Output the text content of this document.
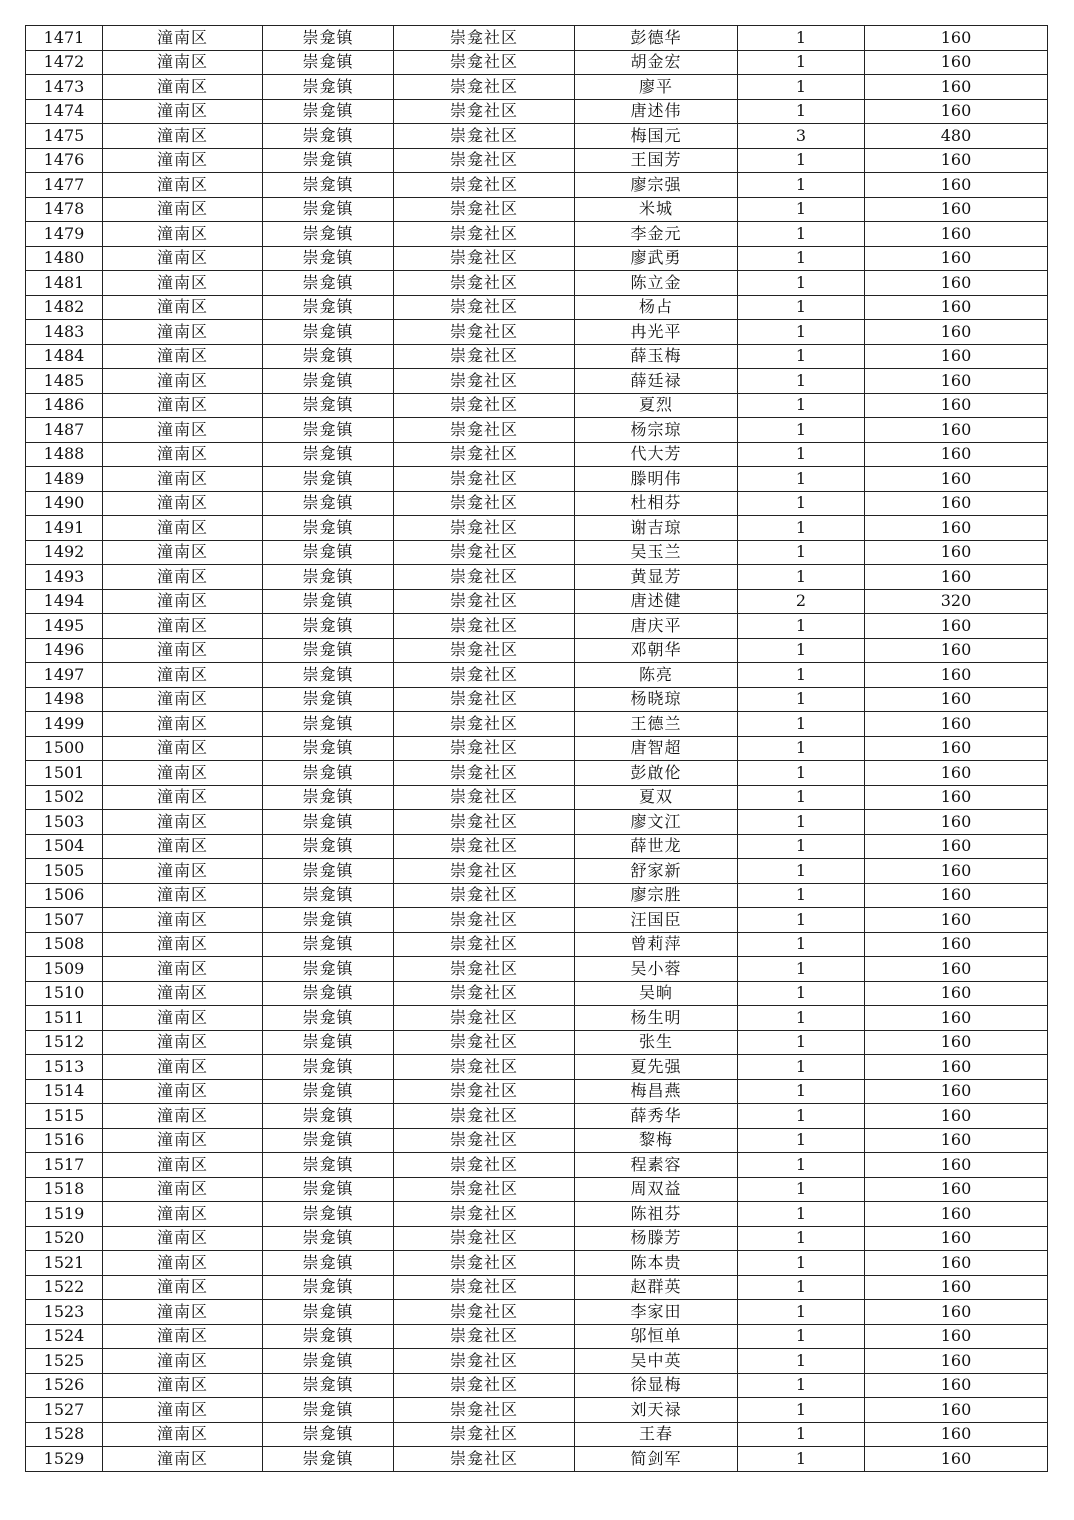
1471	潼南区	崇龛镇	崇龛社区	彭德华	1	160
1472	潼南区	崇龛镇	崇龛社区	胡金宏	1	160
1473	潼南区	崇龛镇	崇龛社区	廖平	1	160
1474	潼南区	崇龛镇	崇龛社区	唐述伟	1	160
1475	潼南区	崇龛镇	崇龛社区	梅国元	3	480
1476	潼南区	崇龛镇	崇龛社区	王国芳	1	160
1477	潼南区	崇龛镇	崇龛社区	廖宗强	1	160
1478	潼南区	崇龛镇	崇龛社区	米城	1	160
1479	潼南区	崇龛镇	崇龛社区	李金元	1	160
1480	潼南区	崇龛镇	崇龛社区	廖武勇	1	160
1481	潼南区	崇龛镇	崇龛社区	陈立金	1	160
1482	潼南区	崇龛镇	崇龛社区	杨占	1	160
1483	潼南区	崇龛镇	崇龛社区	冉光平	1	160
1484	潼南区	崇龛镇	崇龛社区	薛玉梅	1	160
1485	潼南区	崇龛镇	崇龛社区	薛廷禄	1	160
1486	潼南区	崇龛镇	崇龛社区	夏烈	1	160
1487	潼南区	崇龛镇	崇龛社区	杨宗琼	1	160
1488	潼南区	崇龛镇	崇龛社区	代大芳	1	160
1489	潼南区	崇龛镇	崇龛社区	滕明伟	1	160
1490	潼南区	崇龛镇	崇龛社区	杜相芬	1	160
1491	潼南区	崇龛镇	崇龛社区	谢吉琼	1	160
1492	潼南区	崇龛镇	崇龛社区	吴玉兰	1	160
1493	潼南区	崇龛镇	崇龛社区	黄显芳	1	160
1494	潼南区	崇龛镇	崇龛社区	唐述健	2	320
1495	潼南区	崇龛镇	崇龛社区	唐庆平	1	160
1496	潼南区	崇龛镇	崇龛社区	邓朝华	1	160
1497	潼南区	崇龛镇	崇龛社区	陈亮	1	160
1498	潼南区	崇龛镇	崇龛社区	杨晓琼	1	160
1499	潼南区	崇龛镇	崇龛社区	王德兰	1	160
1500	潼南区	崇龛镇	崇龛社区	唐智超	1	160
1501	潼南区	崇龛镇	崇龛社区	彭啟伦	1	160
1502	潼南区	崇龛镇	崇龛社区	夏双	1	160
1503	潼南区	崇龛镇	崇龛社区	廖文江	1	160
1504	潼南区	崇龛镇	崇龛社区	薛世龙	1	160
1505	潼南区	崇龛镇	崇龛社区	舒家新	1	160
1506	潼南区	崇龛镇	崇龛社区	廖宗胜	1	160
1507	潼南区	崇龛镇	崇龛社区	汪国臣	1	160
1508	潼南区	崇龛镇	崇龛社区	曾莉萍	1	160
1509	潼南区	崇龛镇	崇龛社区	吴小蓉	1	160
1510	潼南区	崇龛镇	崇龛社区	吴晌	1	160
1511	潼南区	崇龛镇	崇龛社区	杨生明	1	160
1512	潼南区	崇龛镇	崇龛社区	张生	1	160
1513	潼南区	崇龛镇	崇龛社区	夏先强	1	160
1514	潼南区	崇龛镇	崇龛社区	梅昌燕	1	160
1515	潼南区	崇龛镇	崇龛社区	薛秀华	1	160
1516	潼南区	崇龛镇	崇龛社区	黎梅	1	160
1517	潼南区	崇龛镇	崇龛社区	程素容	1	160
1518	潼南区	崇龛镇	崇龛社区	周双益	1	160
1519	潼南区	崇龛镇	崇龛社区	陈祖芬	1	160
1520	潼南区	崇龛镇	崇龛社区	杨滕芳	1	160
1521	潼南区	崇龛镇	崇龛社区	陈本贵	1	160
1522	潼南区	崇龛镇	崇龛社区	赵群英	1	160
1523	潼南区	崇龛镇	崇龛社区	李家田	1	160
1524	潼南区	崇龛镇	崇龛社区	邬恒单	1	160
1525	潼南区	崇龛镇	崇龛社区	吴中英	1	160
1526	潼南区	崇龛镇	崇龛社区	徐显梅	1	160
1527	潼南区	崇龛镇	崇龛社区	刘天禄	1	160
1528	潼南区	崇龛镇	崇龛社区	王春	1	160
1529	潼南区	崇龛镇	崇龛社区	简剑军	1	160
